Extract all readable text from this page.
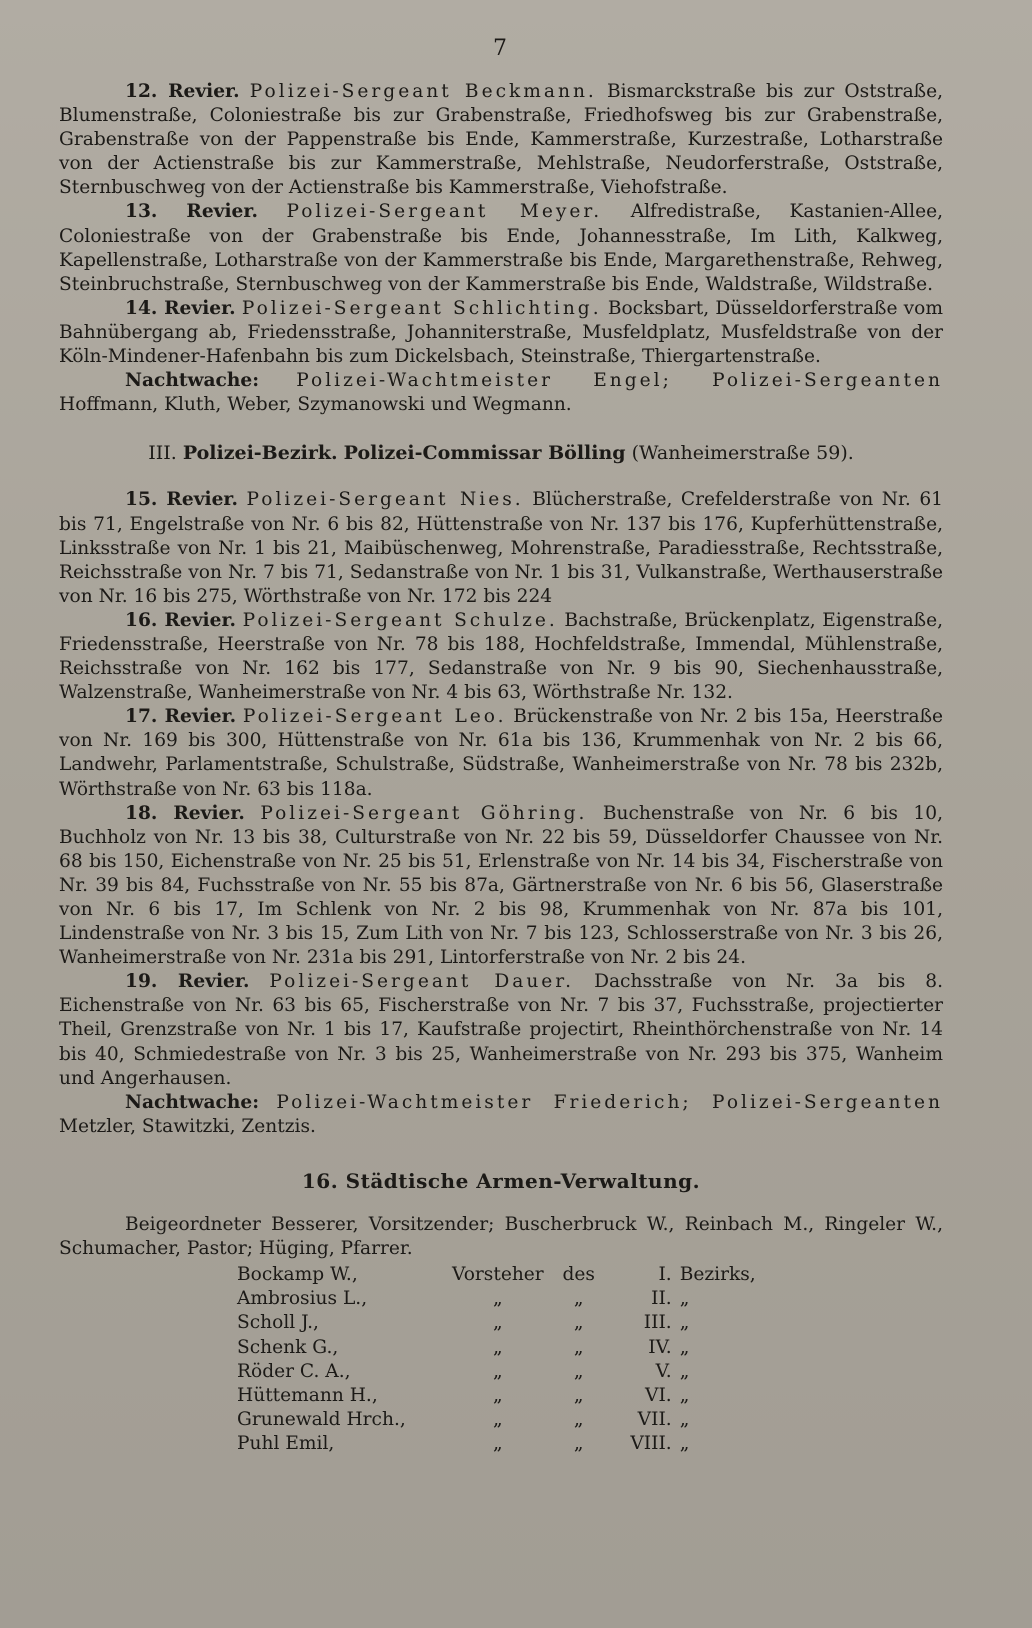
7

12. Revier. Polizei-Sergeant Beckmann. Bismarckstraße bis zur Oststraße, Blumenstraße, Coloniestraße bis zur Grabenstraße, Friedhofsweg bis zur Grabenstraße, Grabenstraße von der Pappenstraße bis Ende, Kammerstraße, Kurzestraße, Lotharstraße von der Actienstraße bis zur Kammerstraße, Mehlstraße, Neudorferstraße, Oststraße, Sternbuschweg von der Actienstraße bis Kammerstraße, Viehofstraße.

13. Revier. Polizei-Sergeant Meyer. Alfredistraße, Kastanien-Allee, Coloniestraße von der Grabenstraße bis Ende, Johannesstraße, Im Lith, Kalkweg, Kapellenstraße, Lotharstraße von der Kammerstraße bis Ende, Margarethenstraße, Rehweg, Steinbruchstraße, Sternbuschweg von der Kammerstraße bis Ende, Waldstraße, Wildstraße.

14. Revier. Polizei-Sergeant Schlichting. Bocksbart, Düsseldorferstraße vom Bahnübergang ab, Friedensstraße, Johanniterstraße, Musfeldplatz, Musfeldstraße von der Köln-Mindener-Hafenbahn bis zum Dickelsbach, Steinstraße, Thiergartenstraße.

Nachtwache: Polizei-Wachtmeister Engel; Polizei-Sergeanten Hoffmann, Kluth, Weber, Szymanowski und Wegmann.

III. Polizei-Bezirk. Polizei-Commissar Bölling (Wanheimerstraße 59).

15. Revier. Polizei-Sergeant Nies. Blücherstraße, Crefelderstraße von Nr. 61 bis 71, Engelstraße von Nr. 6 bis 82, Hüttenstraße von Nr. 137 bis 176, Kupferhüttenstraße, Linksstraße von Nr. 1 bis 21, Maibüschenweg, Mohrenstraße, Paradiesstraße, Rechtsstraße, Reichsstraße von Nr. 7 bis 71, Sedanstraße von Nr. 1 bis 31, Vulkanstraße, Werthauserstraße von Nr. 16 bis 275, Wörthstraße von Nr. 172 bis 224

16. Revier. Polizei-Sergeant Schulze. Bachstraße, Brückenplatz, Eigenstraße, Friedensstraße, Heerstraße von Nr. 78 bis 188, Hochfeldstraße, Immendal, Mühlenstraße, Reichsstraße von Nr. 162 bis 177, Sedanstraße von Nr. 9 bis 90, Siechenhausstraße, Walzenstraße, Wanheimerstraße von Nr. 4 bis 63, Wörthstraße Nr. 132.

17. Revier. Polizei-Sergeant Leo. Brückenstraße von Nr. 2 bis 15a, Heerstraße von Nr. 169 bis 300, Hüttenstraße von Nr. 61a bis 136, Krummenhak von Nr. 2 bis 66, Landwehr, Parlamentstraße, Schulstraße, Südstraße, Wanheimerstraße von Nr. 78 bis 232b, Wörthstraße von Nr. 63 bis 118a.

18. Revier. Polizei-Sergeant Göhring. Buchenstraße von Nr. 6 bis 10, Buchholz von Nr. 13 bis 38, Culturstraße von Nr. 22 bis 59, Düsseldorfer Chaussee von Nr. 68 bis 150, Eichenstraße von Nr. 25 bis 51, Erlenstraße von Nr. 14 bis 34, Fischerstraße von Nr. 39 bis 84, Fuchsstraße von Nr. 55 bis 87a, Gärtnerstraße von Nr. 6 bis 56, Glaserstraße von Nr. 6 bis 17, Im Schlenk von Nr. 2 bis 98, Krummenhak von Nr. 87a bis 101, Lindenstraße von Nr. 3 bis 15, Zum Lith von Nr. 7 bis 123, Schlosserstraße von Nr. 3 bis 26, Wanheimerstraße von Nr. 231a bis 291, Lintorferstraße von Nr. 2 bis 24.

19. Revier. Polizei-Sergeant Dauer. Dachsstraße von Nr. 3a bis 8. Eichenstraße von Nr. 63 bis 65, Fischerstraße von Nr. 7 bis 37, Fuchsstraße, projectierter Theil, Grenzstraße von Nr. 1 bis 17, Kaufstraße projectirt, Rheinthörchenstraße von Nr. 14 bis 40, Schmiedestraße von Nr. 3 bis 25, Wanheimerstraße von Nr. 293 bis 375, Wanheim und Angerhausen.

Nachtwache: Polizei-Wachtmeister Friederich; Polizei-Sergeanten Metzler, Stawitzki, Zentzis.

16. Städtische Armen-Verwaltung.

Beigeordneter Besserer, Vorsitzender; Buscherbruck W., Reinbach M., Ringeler W., Schumacher, Pastor; Hüging, Pfarrer.

Bockamp W.,	Vorsteher	des	I.	Bezirks,
Ambrosius L.,	„	„	II.	„
Scholl J.,	„	„	III.	„
Schenk G.,	„	„	IV.	„
Röder C. A.,	„	„	V.	„
Hüttemann H.,	„	„	VI.	„
Grunewald Hrch.,	„	„	VII.	„
Puhl Emil,	„	„	VIII.	„
